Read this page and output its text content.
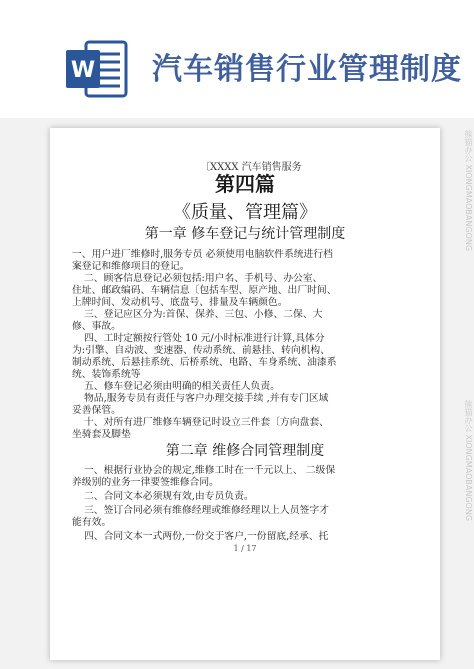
W 汽车销售行业管理制度
〔XXXX 汽车销售服务
第四篇
《质量、管理篇》
第一章 修车登记与统计管理制度
一、用户进厂维修时,服务专员 必须使用电脑软件系统进行档
案登记和维修项目的登记。
二、顾客信息登记必须包括:用户名、手机号、办公室、
住址、邮政编码、车辆信息〔包括车型、原产地、出厂时间、
上牌时间、发动机号、底盘号、排量及车辆颜色。
三、登记应区分为:首保、保养、三包、小修、二保、大
修、事故。
四、工时定额按行管处 10 元/小时标准进行计算,具体分
为:引擎、自动波、变速器、传动系统、前悬挂、转向机构、
制动系统、后悬挂系统、后桥系统、电路、车身系统、油漆系
统、装饰系统等
五、修车登记必须由明确的相关责任人负责。
物品,服务专员有责任与客户办理交接手续 ,并有专门区域
妥善保管。
十、对所有进厂维修车辆登记时设立三件套〔方向盘套、
坐骑套及脚垫
第二章 维修合同管理制度
一、根据行业协会的规定,维修工时在一千元以上、 二级保
养级别的业务一律要签维修合同。
二、合同文本必须规有效,由专员负责。
三、签订合同必须有维修经理或维修经理以上人员签字才
能有效。
四、合同文本一式两份,一份交于客户,一份留底,经承、托
1 / 17
熊猫办公 XIONGMAOBANGONG
熊猫办公 XIONGMAOBANGONG
